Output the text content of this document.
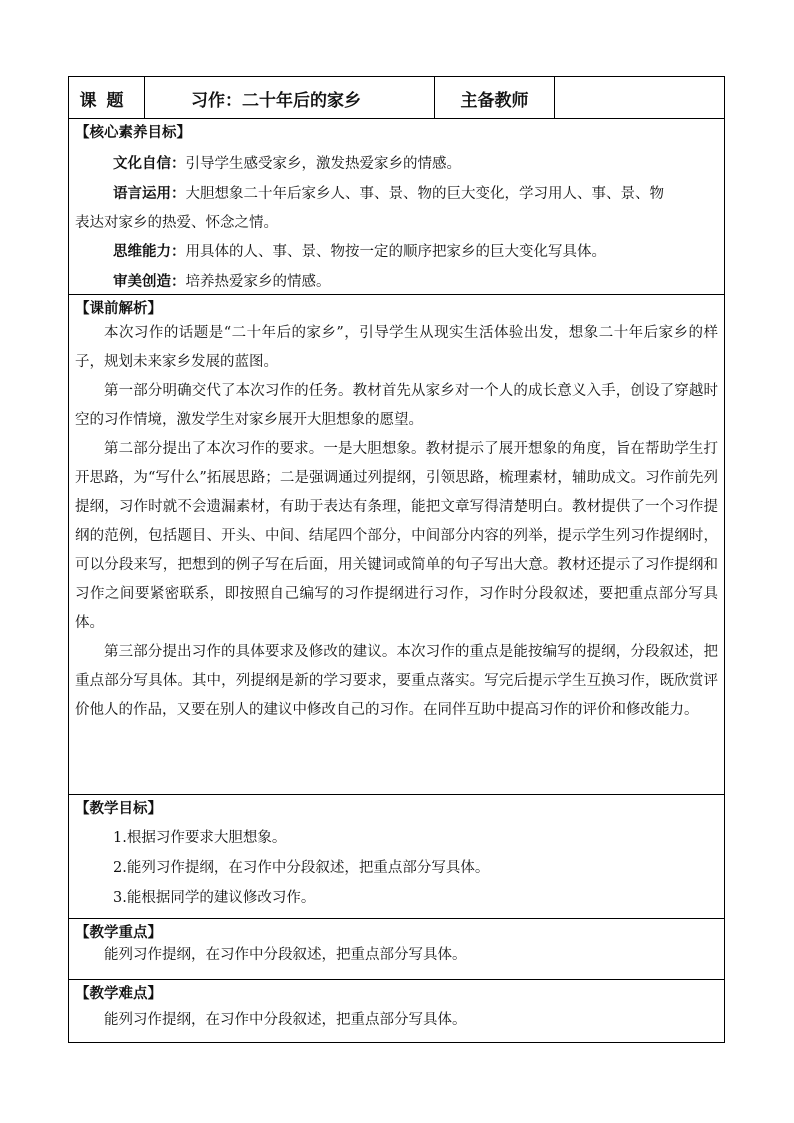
课题	习作：二十年后的家乡	主备教师
【核心素养目标】
文化自信：引导学生感受家乡，激发热爱家乡的情感。
语言运用：大胆想象二十年后家乡人、事、景、物的巨大变化，学习用人、事、景、物
表达对家乡的热爱、怀念之情。
思维能力：用具体的人、事、景、物按一定的顺序把家乡的巨大变化写具体。
审美创造：培养热爱家乡的情感。
【课前解析】
本次习作的话题是“二十年后的家乡”，引导学生从现实生活体验出发，想象二十年后家乡的样子，规划未来家乡发展的蓝图。
第一部分明确交代了本次习作的任务。教材首先从家乡对一个人的成长意义入手，创设了穿越时空的习作情境，激发学生对家乡展开大胆想象的愿望。
第二部分提出了本次习作的要求。一是大胆想象。教材提示了展开想象的角度，旨在帮助学生打开思路，为“写什么”拓展思路；二是强调通过列提纲，引领思路，梳理素材，辅助成文。习作前先列提纲，习作时就不会遗漏素材，有助于表达有条理，能把文章写得清楚明白。教材提供了一个习作提纲的范例，包括题目、开头、中间、结尾四个部分，中间部分内容的列举，提示学生列习作提纲时，可以分段来写，把想到的例子写在后面，用关键词或简单的句子写出大意。教材还提示了习作提纲和习作之间要紧密联系，即按照自己编写的习作提纲进行习作，习作时分段叙述，要把重点部分写具体。
第三部分提出习作的具体要求及修改的建议。本次习作的重点是能按编写的提纲，分段叙述，把重点部分写具体。其中，列提纲是新的学习要求，要重点落实。写完后提示学生互换习作，既欣赏评价他人的作品，又要在别人的建议中修改自己的习作。在同伴互助中提高习作的评价和修改能力。
【教学目标】
1.根据习作要求大胆想象。
2.能列习作提纲，在习作中分段叙述，把重点部分写具体。
3.能根据同学的建议修改习作。
【教学重点】
能列习作提纲，在习作中分段叙述，把重点部分写具体。
【教学难点】
能列习作提纲，在习作中分段叙述，把重点部分写具体。
